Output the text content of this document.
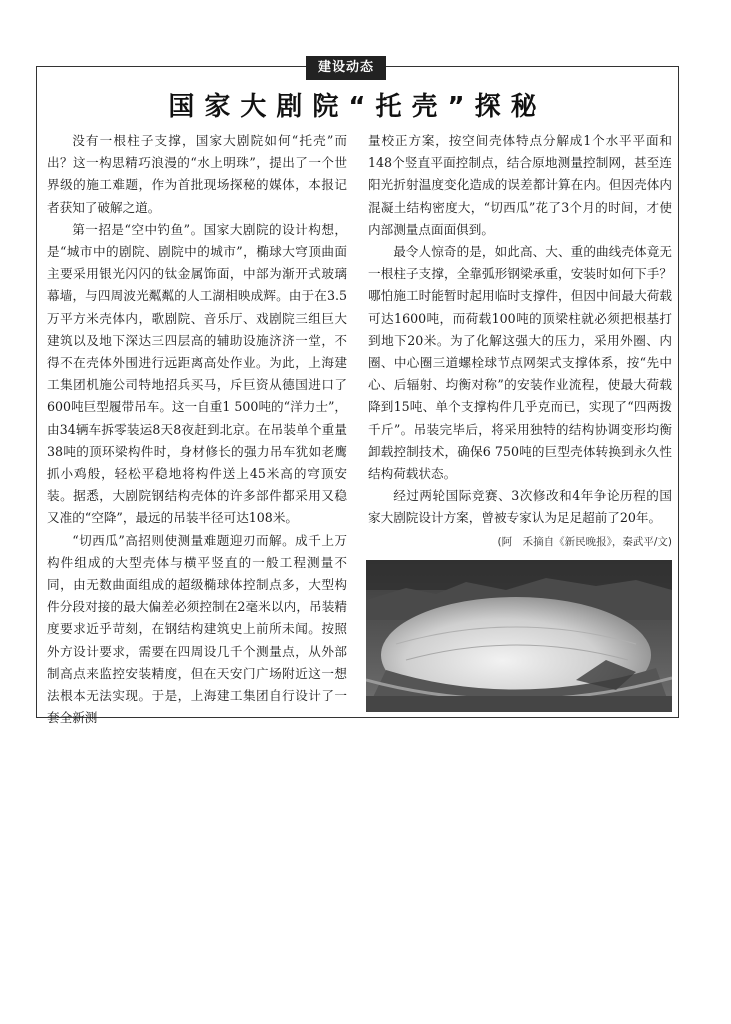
建设动态
国家大剧院“托壳”探秘

没有一根柱子支撑，国家大剧院如何“托壳”而出？这一构思精巧浪漫的“水上明珠”，提出了一个世界级的施工难题，作为首批现场探秘的媒体，本报记者获知了破解之道。

第一招是“空中钓鱼”。国家大剧院的设计构想，是“城市中的剧院、剧院中的城市”，椭球大穹顶曲面主要采用银光闪闪的钛金属饰面，中部为渐开式玻璃幕墙，与四周波光粼粼的人工湖相映成辉。由于在3.5万平方米壳体内，歌剧院、音乐厅、戏剧院三组巨大建筑以及地下深达三四层高的辅助设施济济一堂，不得不在壳体外围进行远距离高处作业。为此，上海建工集团机施公司特地招兵买马，斥巨资从德国进口了600吨巨型履带吊车。这一自重1 500吨的“洋力士”，由34辆车拆零装运8天8夜赶到北京。在吊装单个重量38吨的顶环梁构件时，身材修长的强力吊车犹如老鹰抓小鸡般，轻松平稳地将构件送上45米高的穹顶安装。据悉，大剧院钢结构壳体的许多部件都采用又稳又准的“空降”，最远的吊装半径可达108米。

“切西瓜”高招则使测量难题迎刃而解。成千上万构件组成的大型壳体与横平竖直的一般工程测量不同，由无数曲面组成的超级椭球体控制点多，大型构件分段对接的最大偏差必须控制在2毫米以内，吊装精度要求近乎苛刻，在钢结构建筑史上前所未闻。按照外方设计要求，需要在四周设几千个测量点，从外部制高点来监控安装精度，但在天安门广场附近这一想法根本无法实现。于是，上海建工集团自行设计了一套全新测

量校正方案，按空间壳体特点分解成1个水平平面和148个竖直平面控制点，结合原地测量控制网，甚至连阳光折射温度变化造成的误差都计算在内。但因壳体内混凝土结构密度大，“切西瓜”花了3个月的时间，才使内部测量点面面俱到。

最令人惊奇的是，如此高、大、重的曲线壳体竟无一根柱子支撑，全靠弧形钢梁承重，安装时如何下手？哪怕施工时能暂时起用临时支撑件，但因中间最大荷载可达1600吨，而荷载100吨的顶梁柱就必须把根基打到地下20米。为了化解这强大的压力，采用外圈、内圈、中心圈三道螺栓球节点网架式支撑体系，按“先中心、后辐射、均衡对称”的安装作业流程，使最大荷载降到15吨、单个支撑构件几乎克而已，实现了“四两拨千斤”。吊装完毕后，将采用独特的结构协调变形均衡卸载控制技术，确保6 750吨的巨型壳体转换到永久性结构荷载状态。

经过两轮国际竞赛、3次修改和4年争论历程的国家大剧院设计方案，曾被专家认为足足超前了20年。

(阿　禾摘自《新民晚报》，秦武平/文)
